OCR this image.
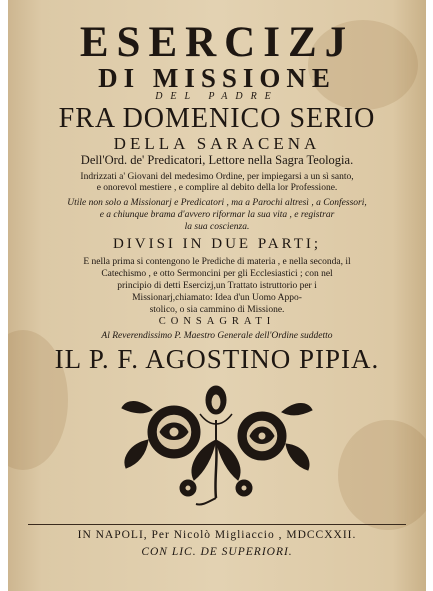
ESERCIZJ
DI MISSIONE
DEL PADRE
FRA DOMENICO SERIO
DELLA SARACENA
Dell'Ord. de' Predicatori, Lettore nella Sagra Teologia.
Indrizzati a' Giovani del medesimo Ordine, per impiegarsi a un sì santo,
e onorevol mestiere , e complire al debito della lor Professione.
Utile non solo a Missionarj e Predicatori , ma a Parochi altresì , a Confessori,
e a chiunque brama d'avvero riformar la sua vita , e registrar
la sua coscienza.
DIVISI IN DUE PARTI;
E nella prima si contengono le Prediche di materia , e nella seconda, il
Catechismo , e otto Sermoncini per gli Ecclesiastici ; con nel
principio di detti Esercizj,un Trattato istruttorio per i
Missionarj,chiamato: Idea d'un Uomo Appo-
stolico, o sia cammino di Missione.
CONSAGRATI
Al Reverendissimo P. Maestro Generale dell'Ordine suddetto
IL P. F. AGOSTINO PIPIA.
IN NAPOLI, Per Nicolò Migliaccio , MDCCXXII.
CON LIC. DE SUPERIORI.
